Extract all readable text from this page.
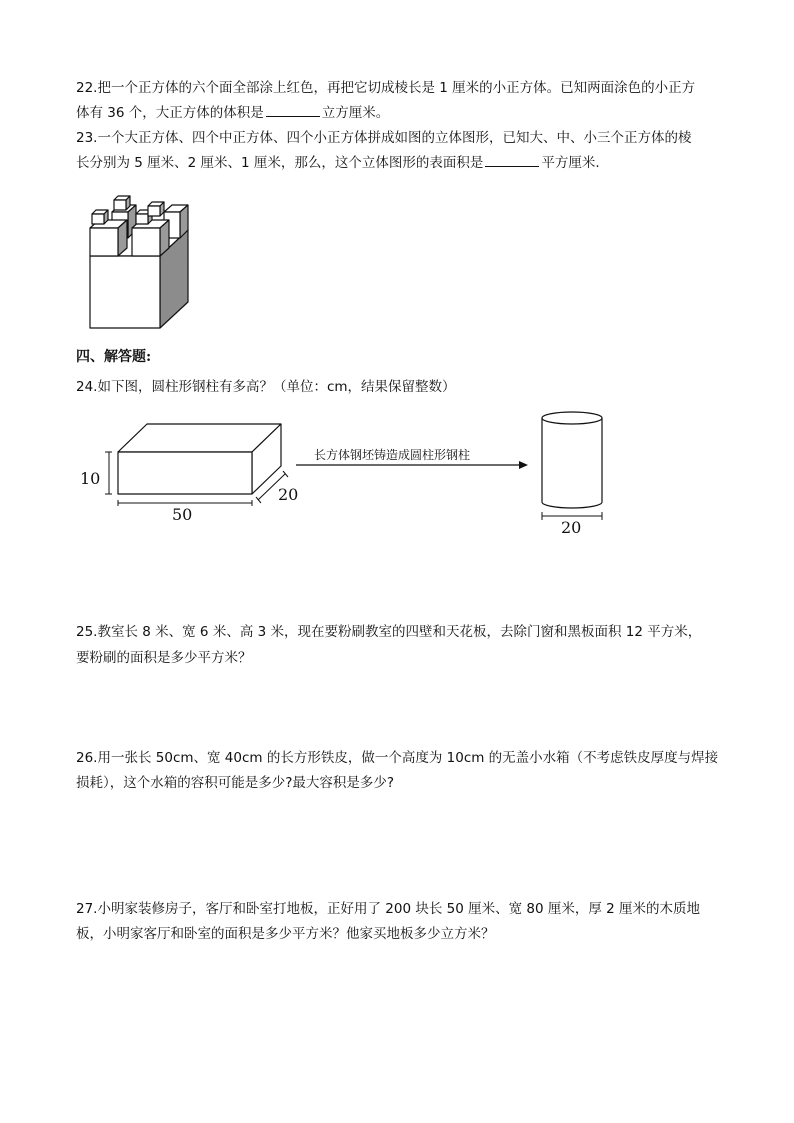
22.把一个正方体的六个面全部涂上红色，再把它切成棱长是 1 厘米的小正方体。已知两面涂色的小正方
体有 36 个，大正方体的体积是	立方厘米。
23.一个大正方体、四个中正方体、四个小正方体拼成如图的立体图形，已知大、中、小三个正方体的棱
长分别为 5 厘米、2 厘米、1 厘米，那么，这个立体图形的表面积是	平方厘米.
四、解答题:
24.如下图，圆柱形钢柱有多高？（单位：cm，结果保留整数）
10
50
20
长方体钢坯铸造成圆柱形钢柱
20
25.教室长 8 米、宽 6 米、高 3 米，现在要粉刷教室的四壁和天花板，去除门窗和黑板面积 12 平方米，
要粉刷的面积是多少平方米？
26.用一张长 50cm、宽 40cm 的长方形铁皮，做一个高度为 10cm 的无盖小水箱（不考虑铁皮厚度与焊接
损耗），这个水箱的容积可能是多少?最大容积是多少?
27.小明家装修房子，客厅和卧室打地板，正好用了 200 块长 50 厘米、宽 80 厘米，厚 2 厘米的木质地
板，小明家客厅和卧室的面积是多少平方米？他家买地板多少立方米？
